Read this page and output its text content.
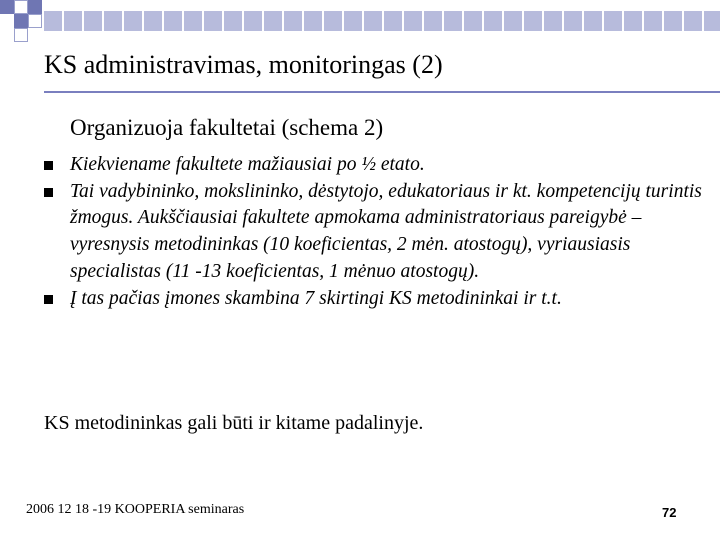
KS administravimas, monitoringas (2)
Organizuoja fakultetai (schema 2)
Kiekviename fakultete mažiausiai po ½ etato.
Tai vadybininko, mokslininko, dėstytojo, edukatoriaus ir kt. kompetencijų turintis žmogus. Aukščiausiai fakultete apmokama administratoriaus pareigybė – vyresnysis metodininkas (10 koeficientas, 2 mėn. atostogų), vyriausiasis specialistas (11 -13 koeficientas, 1 mėnuo atostogų).
Į tas pačias įmones skambina 7 skirtingi KS metodininkai ir t.t.
KS metodininkas gali būti ir kitame padalinyje.
2006 12 18 -19 KOOPERIA seminaras	72
